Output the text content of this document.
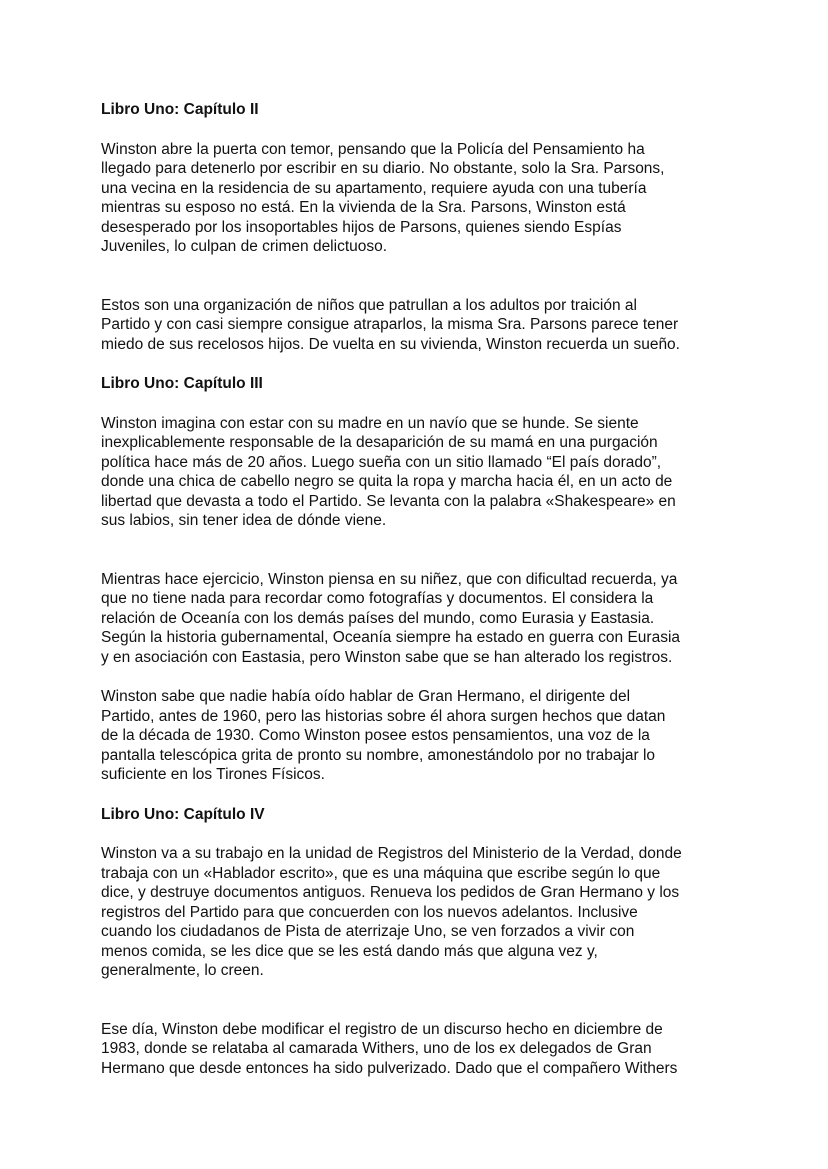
Libro Uno: Capítulo II
Winston abre la puerta con temor, pensando que la Policía del Pensamiento ha
llegado para detenerlo por escribir en su diario. No obstante, solo la Sra. Parsons,
una vecina en la residencia de su apartamento, requiere ayuda con una tubería
mientras su esposo no está. En la vivienda de la Sra. Parsons, Winston está
desesperado por los insoportables hijos de Parsons, quienes siendo Espías
Juveniles, lo culpan de crimen delictuoso.
Estos son una organización de niños que patrullan a los adultos por traición al
Partido y con casi siempre consigue atraparlos, la misma Sra. Parsons parece tener
miedo de sus recelosos hijos. De vuelta en su vivienda, Winston recuerda un sueño.
Libro Uno: Capítulo III
Winston imagina con estar con su madre en un navío que se hunde. Se siente
inexplicablemente responsable de la desaparición de su mamá en una purgación
política hace más de 20 años. Luego sueña con un sitio llamado “El país dorado”,
donde una chica de cabello negro se quita la ropa y marcha hacia él, en un acto de
libertad que devasta a todo el Partido. Se levanta con la palabra «Shakespeare» en
sus labios, sin tener idea de dónde viene.
Mientras hace ejercicio, Winston piensa en su niñez, que con dificultad recuerda, ya
que no tiene nada para recordar como fotografías y documentos. El considera la
relación de Oceanía con los demás países del mundo, como Eurasia y Eastasia.
Según la historia gubernamental, Oceanía siempre ha estado en guerra con Eurasia
y en asociación con Eastasia, pero Winston sabe que se han alterado los registros.
Winston sabe que nadie había oído hablar de Gran Hermano, el dirigente del
Partido, antes de 1960, pero las historias sobre él ahora surgen hechos que datan
de la década de 1930. Como Winston posee estos pensamientos, una voz de la
pantalla telescópica grita de pronto su nombre, amonestándolo por no trabajar lo
suficiente en los Tirones Físicos.
Libro Uno: Capítulo IV
Winston va a su trabajo en la unidad de Registros del Ministerio de la Verdad, donde
trabaja con un «Hablador escrito», que es una máquina que escribe según lo que
dice, y destruye documentos antiguos. Renueva los pedidos de Gran Hermano y los
registros del Partido para que concuerden con los nuevos adelantos. Inclusive
cuando los ciudadanos de Pista de aterrizaje Uno, se ven forzados a vivir con
menos comida, se les dice que se les está dando más que alguna vez y,
generalmente, lo creen.
Ese día, Winston debe modificar el registro de un discurso hecho en diciembre de
1983, donde se relataba al camarada Withers, uno de los ex delegados de Gran
Hermano que desde entonces ha sido pulverizado. Dado que el compañero Withers
